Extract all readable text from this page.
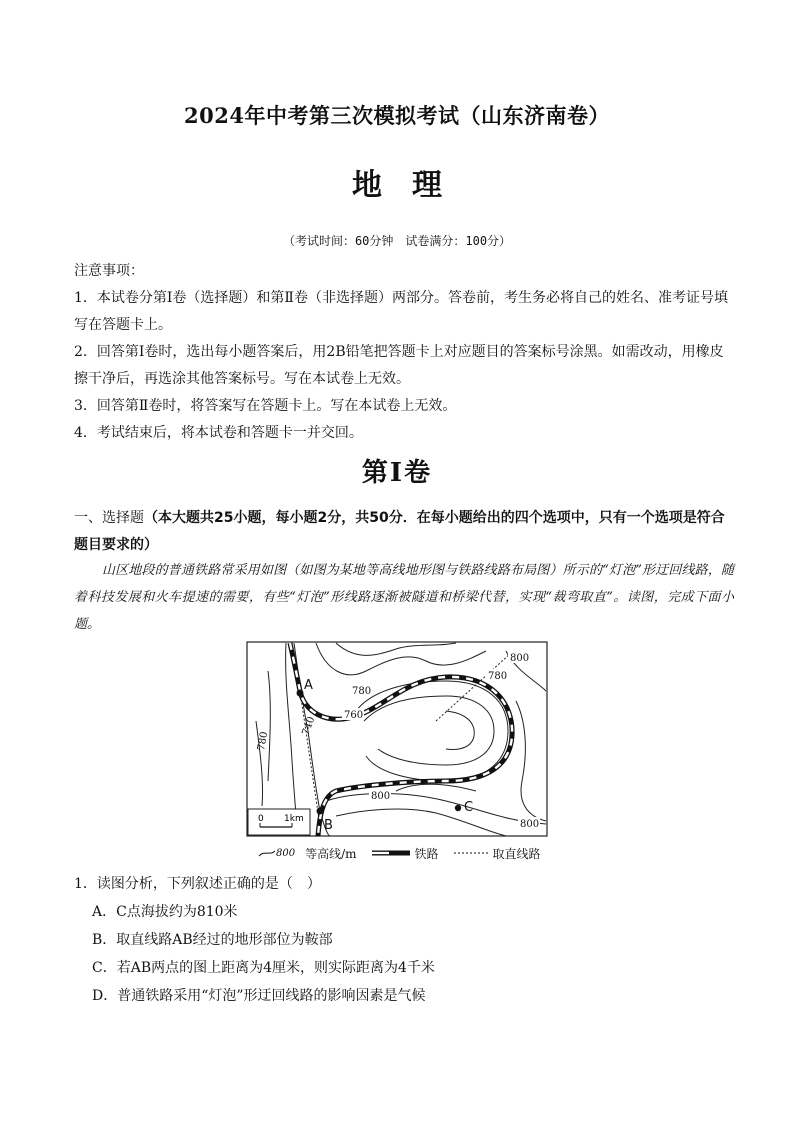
2024年中考第三次模拟考试（山东济南卷）
地理
（考试时间：60分钟　试卷满分：100分）

注意事项：

1．本试卷分第Ⅰ卷（选择题）和第Ⅱ卷（非选择题）两部分。答卷前，考生务必将自己的姓名、准考证号填写在答题卡上。

2．回答第Ⅰ卷时，选出每小题答案后，用2B铅笔把答题卡上对应题目的答案标号涂黑。如需改动，用橡皮擦干净后，再选涂其他答案标号。写在本试卷上无效。

3．回答第Ⅱ卷时，将答案写在答题卡上。写在本试卷上无效。

4．考试结束后，将本试卷和答题卡一并交回。

第Ⅰ卷
一、选择题（本大题共25小题，每小题2分，共50分．在每小题给出的四个选项中，只有一个选项是符合题目要求的）
山区地段的普通铁路常采用如图（如图为某地等高线地形图与铁路线路布局图）所示的“灯泡”形迂回线路，随着科技发展和火车提速的需要，有些“灯泡”形线路逐渐被隧道和桥梁代替，实现“裁弯取直”。读图，完成下面小题。
A
B
C
800
780
760
740
780
800
800
780
0 1km
800 等高线/m	铁路	取直线路

1．读图分析，下列叙述正确的是（　）

A．C点海拔约为810米

B．取直线路AB经过的地形部位为鞍部

C．若AB两点的图上距离为4厘米，则实际距离为4千米

D．普通铁路采用“灯泡”形迂回线路的影响因素是气候
